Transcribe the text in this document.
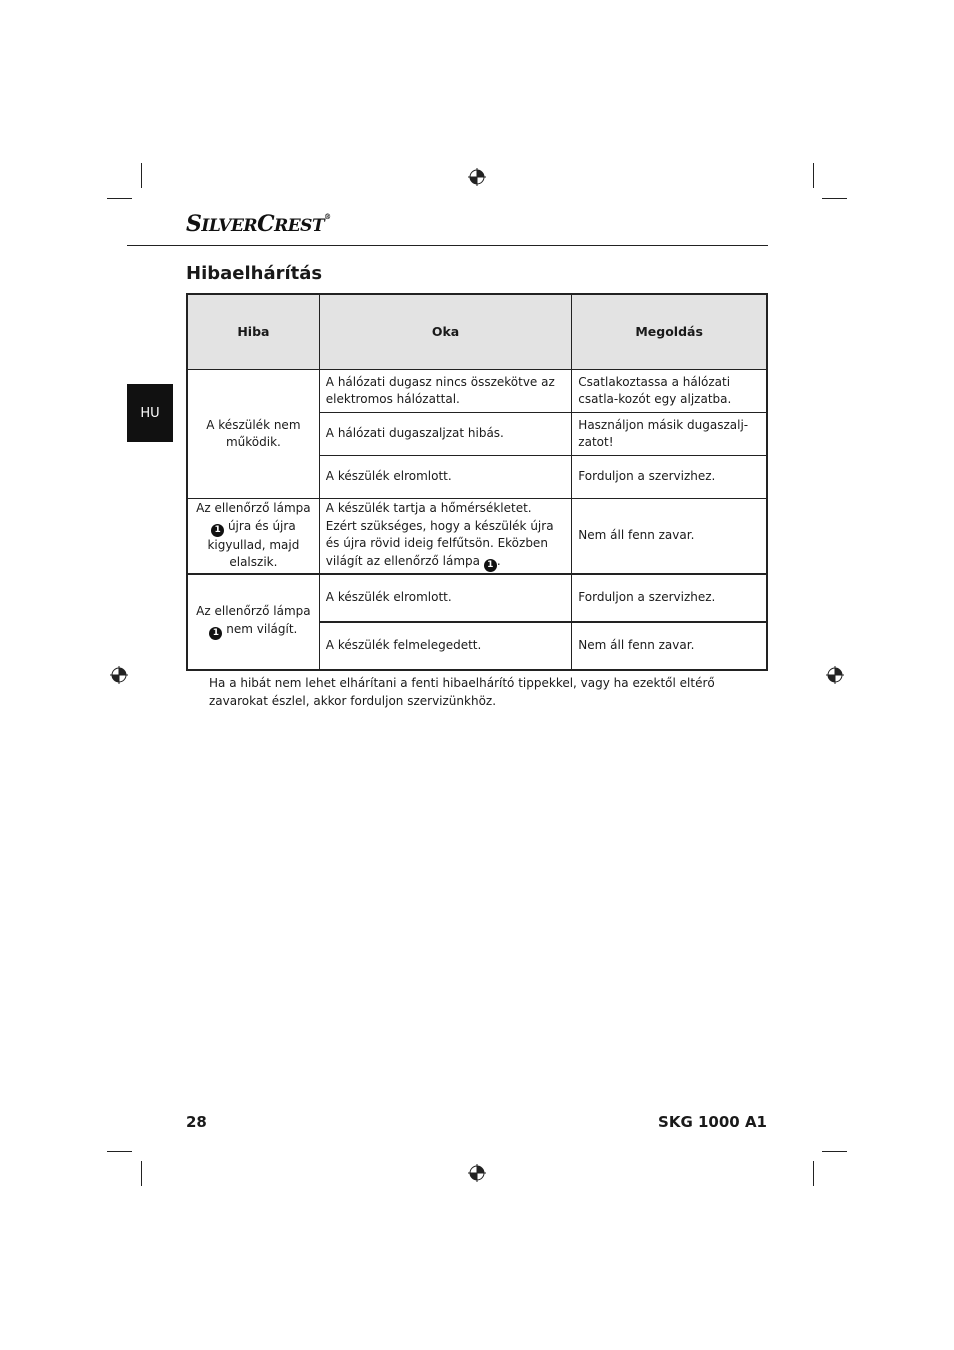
SILVERCREST®
Hibaelhárítás
HU
Hiba	Oka	Megoldás
A készülék nem működik.	A hálózati dugasz nincs összekötve az elektromos hálózattal.	Csatlakoztassa a hálózati csatla-kozót egy aljzatba.
	A hálózati dugaszaljzat hibás.	Használjon másik dugaszalj-zatot!
	A készülék elromlott.	Forduljon a szervizhez.
Az ellenőrző lámpa 1 újra és újra kigyullad, majd elalszik.	A készülék tartja a hőmérsékletet. Ezért szükséges, hogy a készülék újra és újra rövid ideig felfűtsön. Eközben világít az ellenőrző lámpa 1 .	Nem áll fenn zavar.
Az ellenőrző lámpa 1 nem világít.	A készülék elromlott.	Forduljon a szervizhez.
	A készülék felmelegedett.	Nem áll fenn zavar.
Ha a hibát nem lehet elhárítani a fenti hibaelhárító tippekkel, vagy ha ezektől eltérő zavarokat észlel, akkor forduljon szervizünkhöz.
28	SKG 1000 A1
